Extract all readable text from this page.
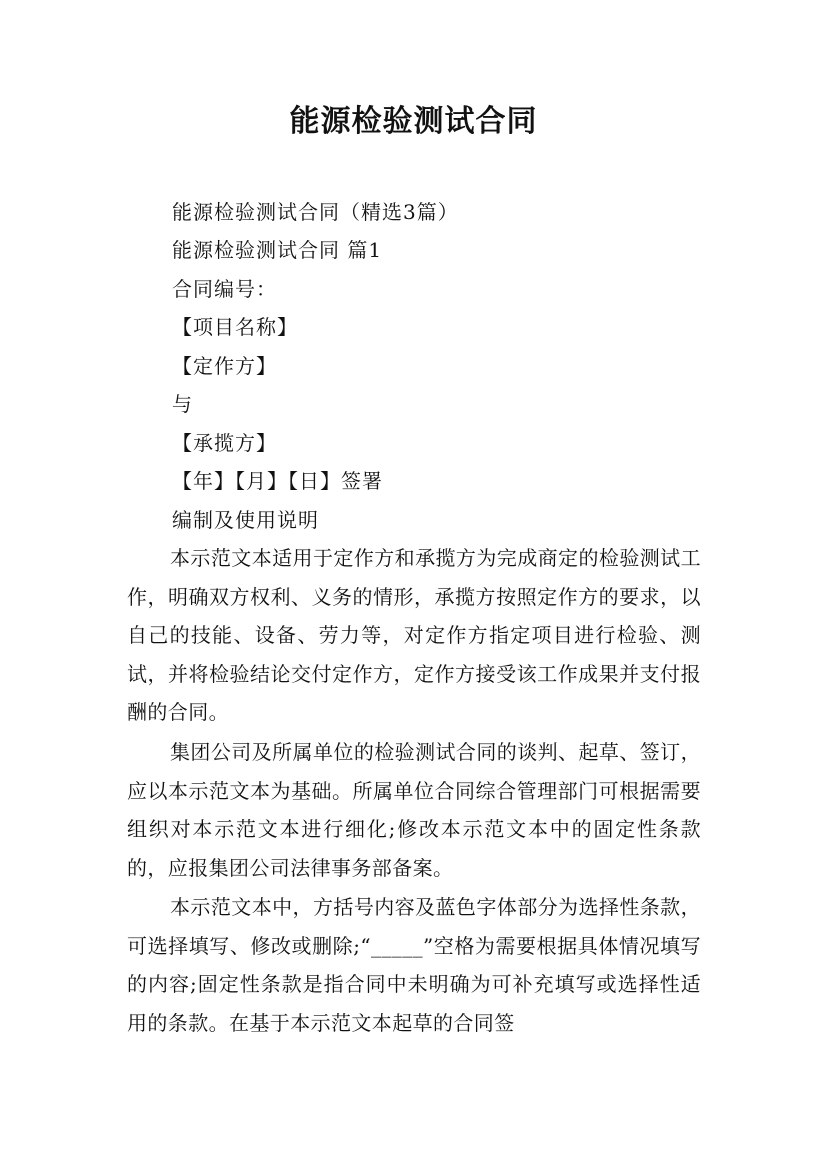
能源检验测试合同
能源检验测试合同（精选3篇）
能源检验测试合同 篇1
合同编号：
【项目名称】
【定作方】
与
【承揽方】
【年】【月】【日】签署
编制及使用说明

本示范文本适用于定作方和承揽方为完成商定的检验测试工作，明确双方权利、义务的情形，承揽方按照定作方的要求，以自己的技能、设备、劳力等，对定作方指定项目进行检验、测试，并将检验结论交付定作方，定作方接受该工作成果并支付报酬的合同。

集团公司及所属单位的检验测试合同的谈判、起草、签订，应以本示范文本为基础。所属单位合同综合管理部门可根据需要组织对本示范文本进行细化;修改本示范文本中的固定性条款的，应报集团公司法律事务部备案。

本示范文本中，方括号内容及蓝色字体部分为选择性条款，可选择填写、修改或删除;“_____”空格为需要根据具体情况填写的内容;固定性条款是指合同中未明确为可补充填写或选择性适用的条款。在基于本示范文本起草的合同签
